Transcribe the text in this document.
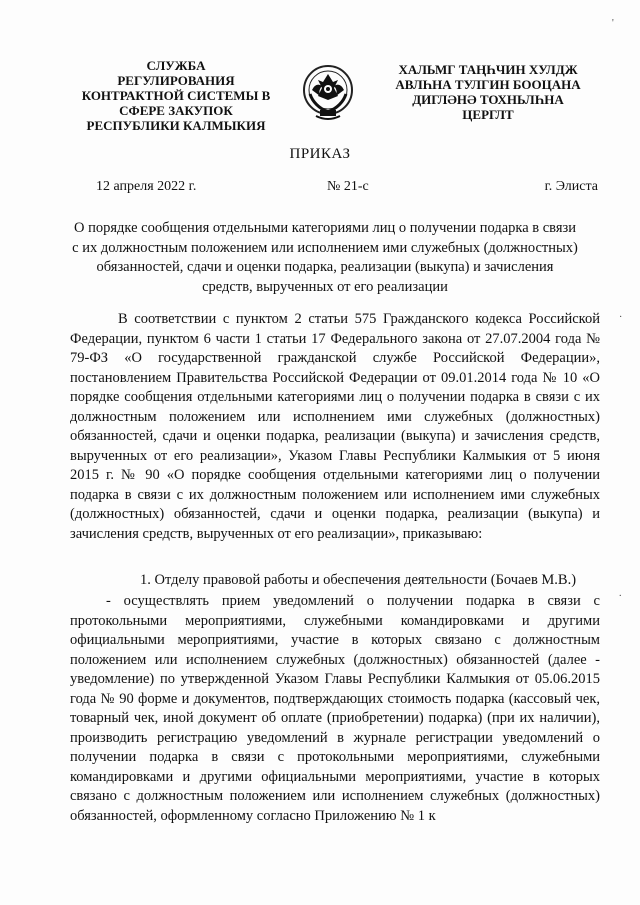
СЛУЖБА
РЕГУЛИРОВАНИЯ
КОНТРАКТНОЙ СИСТЕМЫ В
СФЕРЕ ЗАКУПОК
РЕСПУБЛИКИ КАЛМЫКИЯ
ХАЛЬМГ ТАҢҺЧИН ХУЛДЖ
АВЛҺНА ТУЛГИН БООЦАНА
ДИГЛӘНӘ ТОХНЬЛҺНА
ЦЕРГЛТ
ПРИКАЗ
12 апреля 2022 г.	№ 21-с	г. Элиста
О порядке сообщения отдельными категориями лиц о получении подарка в связи с их должностным положением или исполнением ими служебных (должностных) обязанностей, сдачи и оценки подарка, реализации (выкупа) и зачисления средств, вырученных от его реализации
В соответствии с пунктом 2 статьи 575 Гражданского кодекса Российской Федерации, пунктом 6 части 1 статьи 17 Федерального закона от 27.07.2004 года № 79-ФЗ «О государственной гражданской службе Российской Федерации», постановлением Правительства Российской Федерации от 09.01.2014 года № 10 «О порядке сообщения отдельными категориями лиц о получении подарка в связи с их должностным положением или исполнением ими служебных (должностных) обязанностей, сдачи и оценки подарка, реализации (выкупа) и зачисления средств, вырученных от его реализации», Указом Главы Республики Калмыкия от 5 июня 2015 г. № 90 «О порядке сообщения отдельными категориями лиц о получении подарка в связи с их должностным положением или исполнением ими служебных (должностных) обязанностей, сдачи и оценки подарка, реализации (выкупа) и зачисления средств, вырученных от его реализации», приказываю:
1. Отделу правовой работы и обеспечения деятельности (Бочаев М.В.)
- осуществлять прием уведомлений о получении подарка в связи с протокольными мероприятиями, служебными командировками и другими официальными мероприятиями, участие в которых связано с должностным положением или исполнением служебных (должностных) обязанностей (далее - уведомление) по утвержденной Указом Главы Республики Калмыкия от 05.06.2015 года № 90 форме и документов, подтверждающих стоимость подарка (кассовый чек, товарный чек, иной документ об оплате (приобретении) подарка) (при их наличии), производить регистрацию уведомлений в журнале регистрации уведомлений о получении подарка в связи с протокольными мероприятиями, служебными командировками и другими официальными мероприятиями, участие в которых связано с должностным положением или исполнением служебных (должностных) обязанностей, оформленному согласно Приложению № 1 к
'
·
.
